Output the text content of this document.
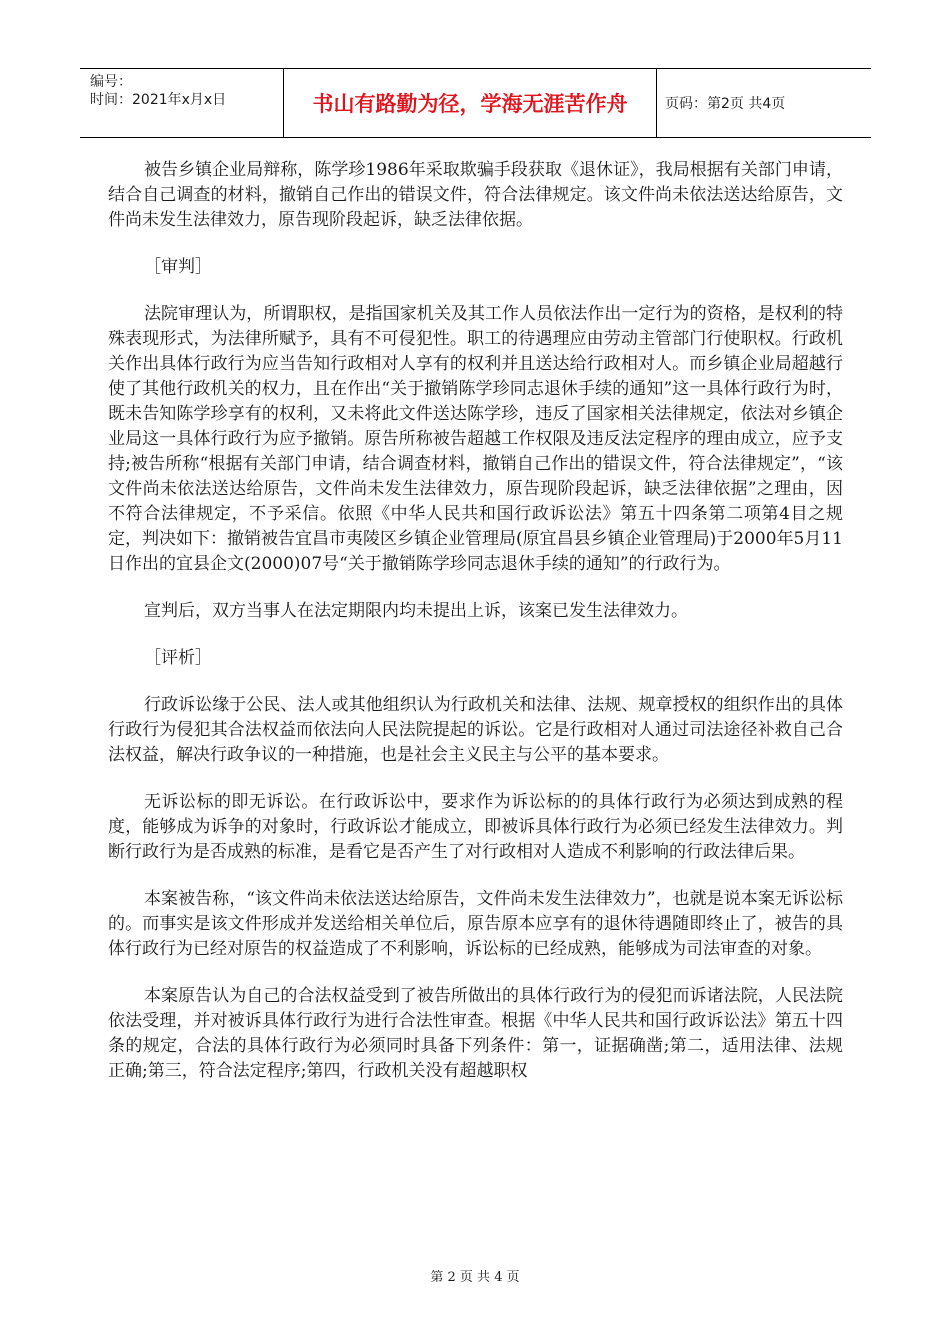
编号：
时间：2021年x月x日	书山有路勤为径，学海无涯苦作舟	页码：第2页 共4页

被告乡镇企业局辩称，陈学珍1986年采取欺骗手段获取《退休证》，我局根据有关部门申请，结合自己调查的材料，撤销自己作出的错误文件，符合法律规定。该文件尚未依法送达给原告，文件尚未发生法律效力，原告现阶段起诉，缺乏法律依据。

［审判］

法院审理认为，所谓职权，是指国家机关及其工作人员依法作出一定行为的资格，是权利的特殊表现形式，为法律所赋予，具有不可侵犯性。职工的待遇理应由劳动主管部门行使职权。行政机关作出具体行政行为应当告知行政相对人享有的权利并且送达给行政相对人。而乡镇企业局超越行使了其他行政机关的权力，且在作出“关于撤销陈学珍同志退休手续的通知”这一具体行政行为时，既未告知陈学珍享有的权利，又未将此文件送达陈学珍，违反了国家相关法律规定，依法对乡镇企业局这一具体行政行为应予撤销。原告所称被告超越工作权限及违反法定程序的理由成立，应予支持;被告所称“根据有关部门申请，结合调查材料，撤销自己作出的错误文件，符合法律规定”，“该文件尚未依法送达给原告，文件尚未发生法律效力，原告现阶段起诉，缺乏法律依据”之理由，因不符合法律规定，不予采信。依照《中华人民共和国行政诉讼法》第五十四条第二项第4目之规定，判决如下：撤销被告宜昌市夷陵区乡镇企业管理局(原宜昌县乡镇企业管理局)于2000年5月11日作出的宜县企文(2000)07号“关于撤销陈学珍同志退休手续的通知”的行政行为。

宣判后，双方当事人在法定期限内均未提出上诉，该案已发生法律效力。

［评析］

行政诉讼缘于公民、法人或其他组织认为行政机关和法律、法规、规章授权的组织作出的具体行政行为侵犯其合法权益而依法向人民法院提起的诉讼。它是行政相对人通过司法途径补救自己合法权益，解决行政争议的一种措施，也是社会主义民主与公平的基本要求。

无诉讼标的即无诉讼。在行政诉讼中，要求作为诉讼标的的具体行政行为必须达到成熟的程度，能够成为诉争的对象时，行政诉讼才能成立，即被诉具体行政行为必须已经发生法律效力。判断行政行为是否成熟的标准，是看它是否产生了对行政相对人造成不利影响的行政法律后果。

本案被告称，“该文件尚未依法送达给原告，文件尚未发生法律效力”，也就是说本案无诉讼标的。而事实是该文件形成并发送给相关单位后，原告原本应享有的退休待遇随即终止了，被告的具体行政行为已经对原告的权益造成了不利影响，诉讼标的已经成熟，能够成为司法审查的对象。

本案原告认为自己的合法权益受到了被告所做出的具体行政行为的侵犯而诉诸法院，人民法院依法受理，并对被诉具体行政行为进行合法性审查。根据《中华人民共和国行政诉讼法》第五十四条的规定，合法的具体行政行为必须同时具备下列条件：第一，证据确凿;第二，适用法律、法规正确;第三，符合法定程序;第四，行政机关没有超越职权

第 2 页 共 4 页
